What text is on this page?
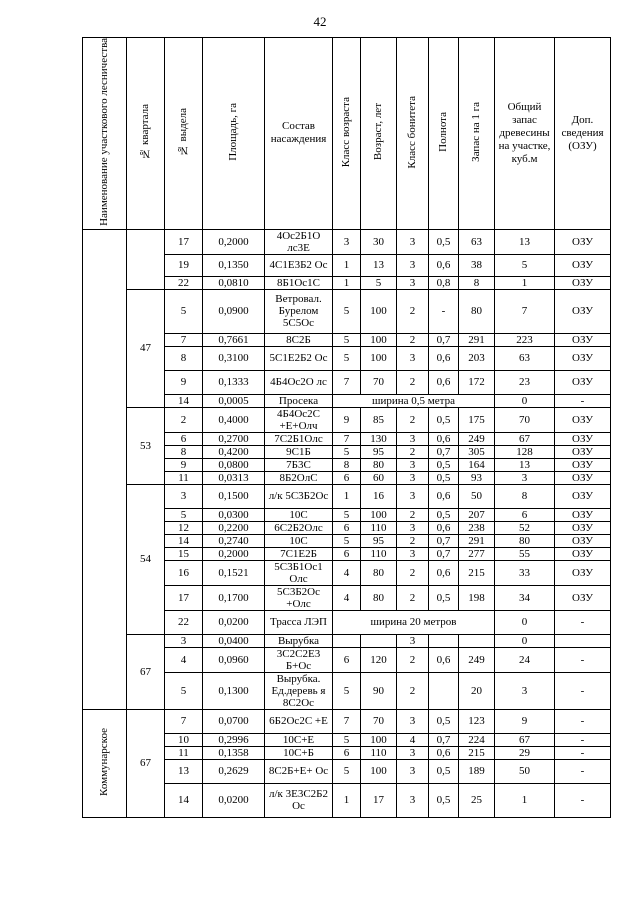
42
Наименование участкового лесничества	№ квартала	№ выдела	Площадь, га	Состав насаждения	Класс возраста	Возраст, лет	Класс бонитета	Полнота	Запас на 1 га	Общий запас древесины на участке, куб.м	Доп. сведения (ОЗУ)
		17	0,2000	4Ос2Б1О лс3Е	3	30	3	0,5	63	13	ОЗУ
		19	0,1350	4С1Е3Б2 Ос	1	13	3	0,6	38	5	ОЗУ
		22	0,0810	8Б1Ос1С	1	5	3	0,8	8	1	ОЗУ
	47	5	0,0900	Ветровал. Бурелом 5С5Ос	5	100	2	-	80	7	ОЗУ
		7	0,7661	8С2Б	5	100	2	0,7	291	223	ОЗУ
		8	0,3100	5С1Е2Б2 Ос	5	100	3	0,6	203	63	ОЗУ
		9	0,1333	4Б4Ос2О лс	7	70	2	0,6	172	23	ОЗУ
		14	0,0005	Просека	ширина 0,5 метра					0	-
	53	2	0,4000	4Б4Ос2С +Е+Олч	9	85	2	0,5	175	70	ОЗУ
		6	0,2700	7С2Б1Олс	7	130	3	0,6	249	67	ОЗУ
		8	0,4200	9С1Б	5	95	2	0,7	305	128	ОЗУ
		9	0,0800	7Б3С	8	80	3	0,5	164	13	ОЗУ
		11	0,0313	8Б2ОлС	6	60	3	0,5	93	3	ОЗУ
	54	3	0,1500	л/к 5С3Б2Ос	1	16	3	0,6	50	8	ОЗУ
		5	0,0300	10С	5	100	2	0,5	207	6	ОЗУ
		12	0,2200	6С2Б2Олс	6	110	3	0,6	238	52	ОЗУ
		14	0,2740	10С	5	95	2	0,7	291	80	ОЗУ
		15	0,2000	7С1Е2Б	6	110	3	0,7	277	55	ОЗУ
		16	0,1521	5С3Б1Ос1 Олс	4	80	2	0,6	215	33	ОЗУ
		17	0,1700	5С3Б2Ос +Олс	4	80	2	0,5	198	34	ОЗУ
		22	0,0200	Трасса ЛЭП	ширина 20 метров					0	-
	67	3	0,0400	Вырубка			3			0	
		4	0,0960	3С2С2Е3 Б+Ос	6	120	2	0,6	249	24	-
		5	0,1300	Вырубка. Ед.деревь я 8С2Ос	5	90	2		20	3	-
Коммунарское	67	7	0,0700	6Б2Ос2С +Е	7	70	3	0,5	123	9	-
		10	0,2996	10С+Е	5	100	4	0,7	224	67	-
		11	0,1358	10С+Б	6	110	3	0,6	215	29	-
		13	0,2629	8С2Б+Е+ Ос	5	100	3	0,5	189	50	-
		14	0,0200	л/к 3Е3С2Б2 Ос	1	17	3	0,5	25	1	-
